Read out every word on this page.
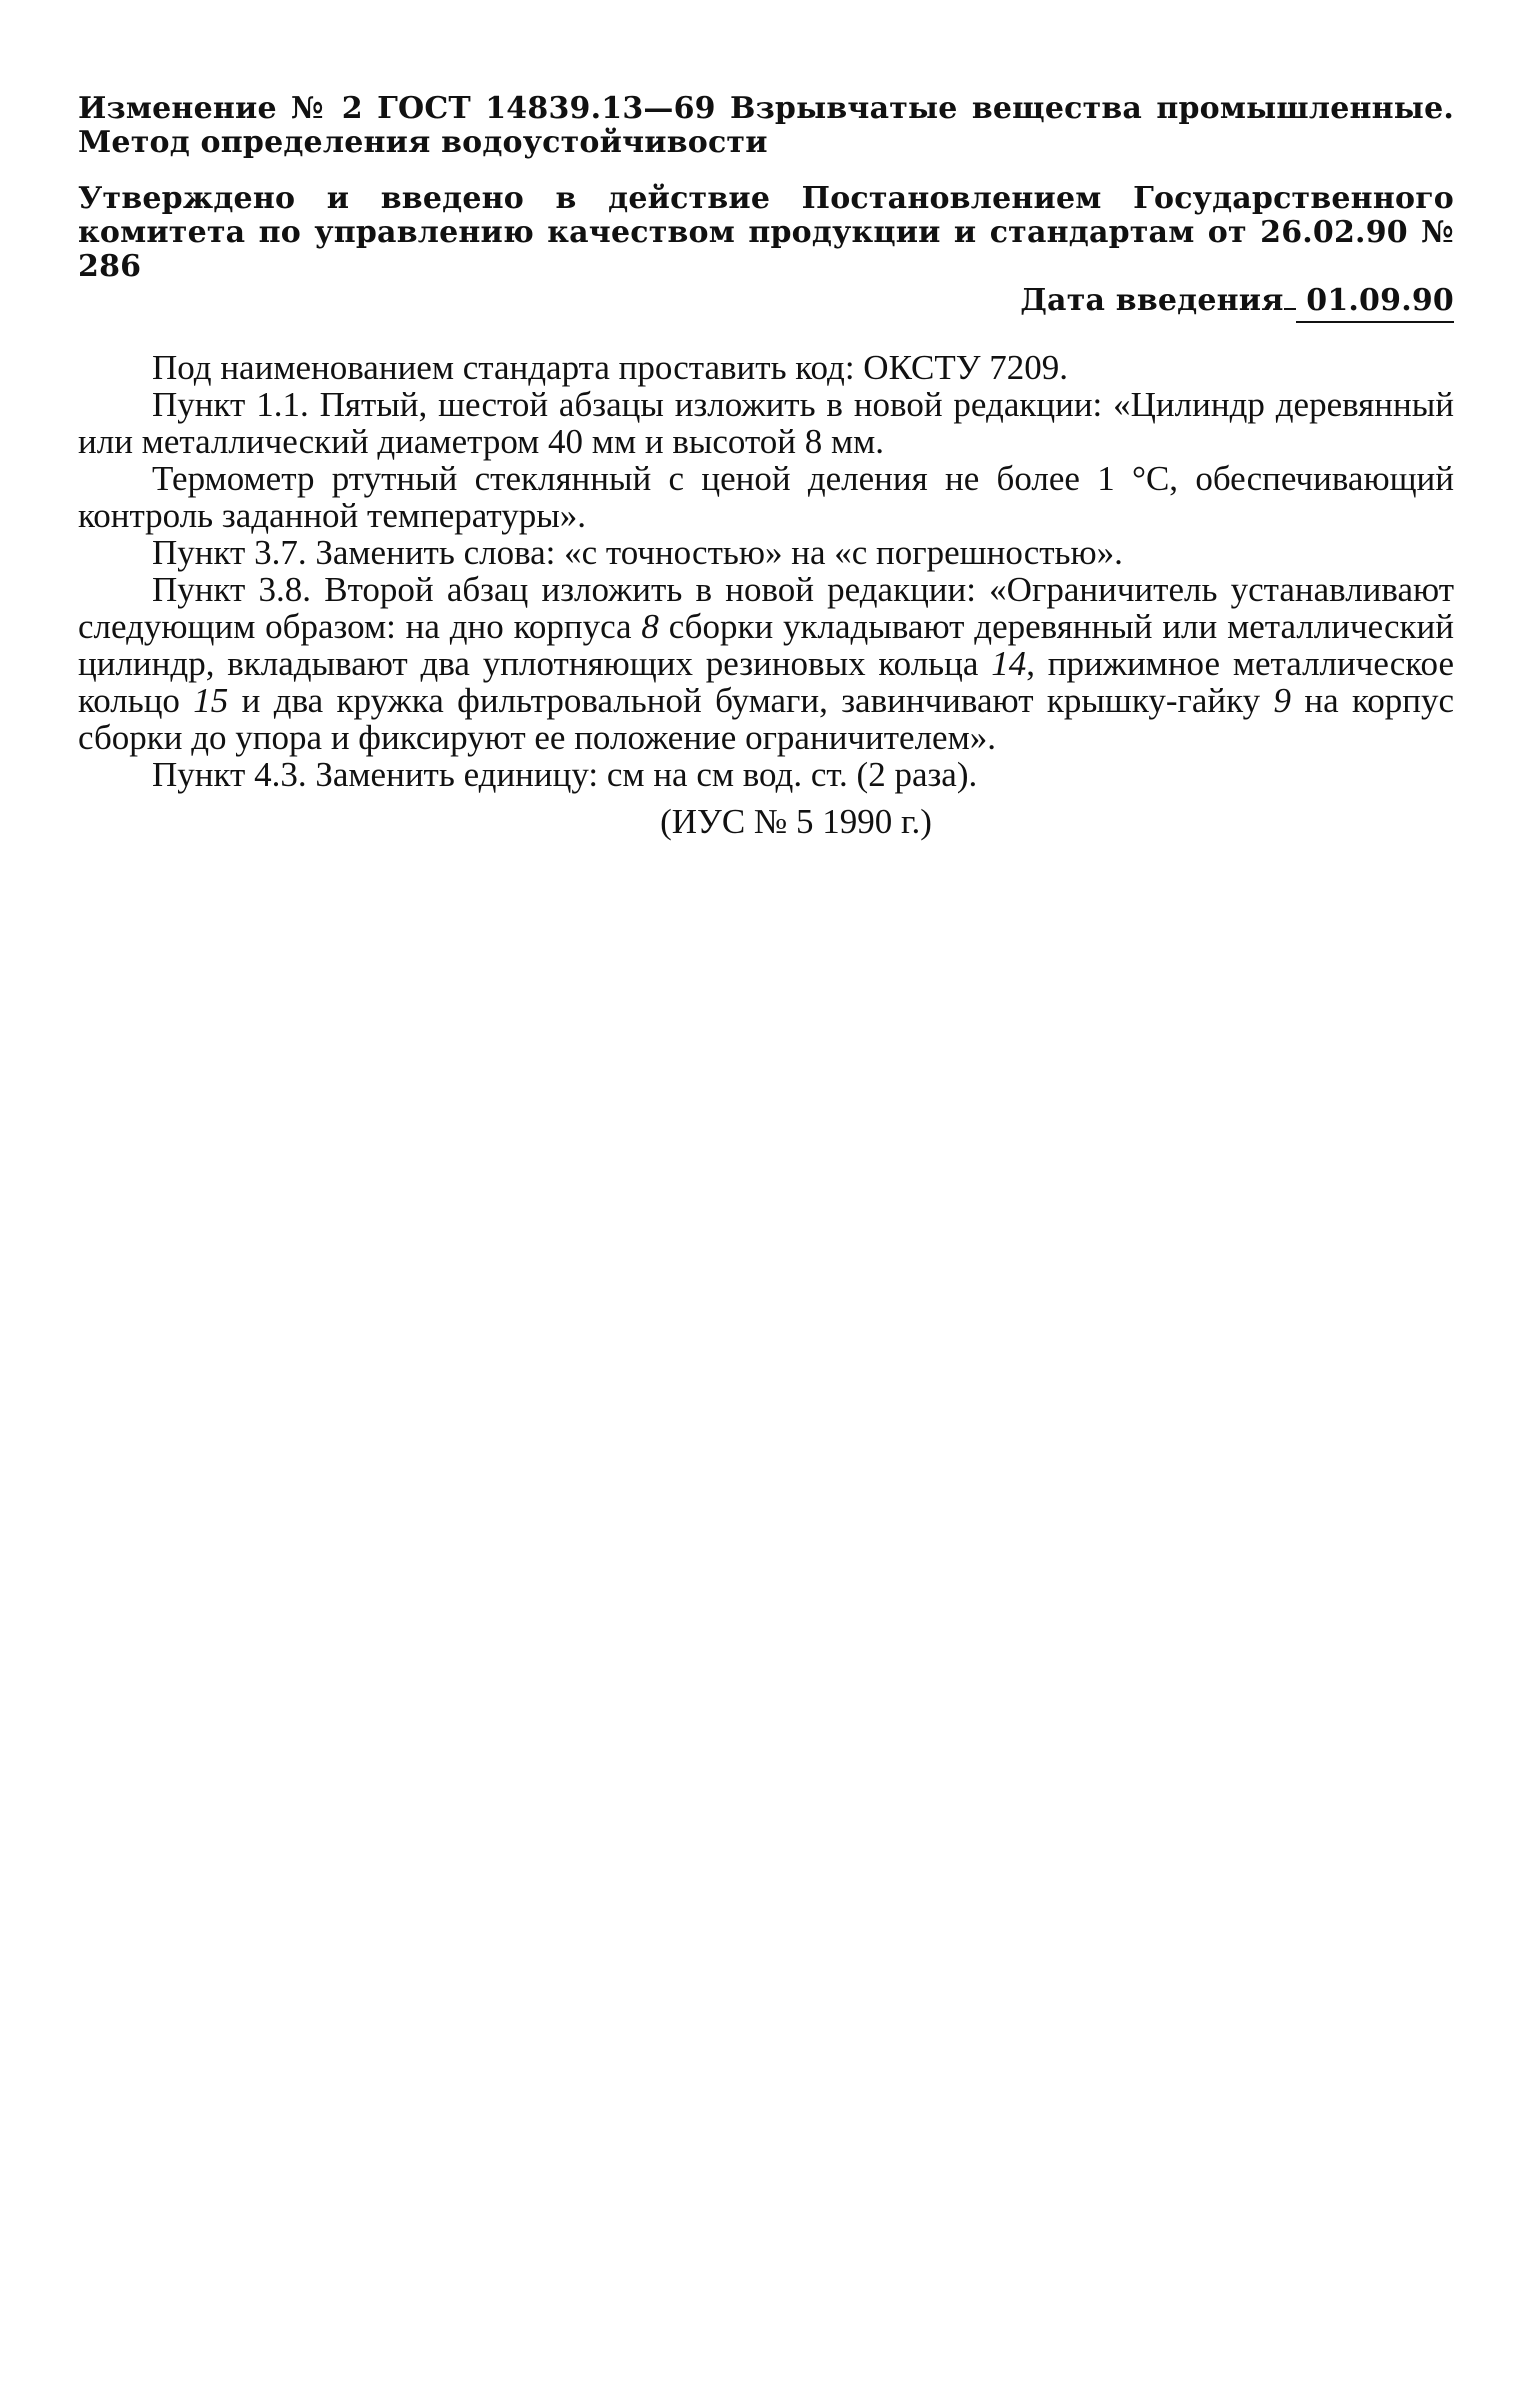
Изменение № 2 ГОСТ 14839.13—69 Взрывчатые вещества промышленные. Метод определения водоустойчивости

Утверждено и введено в действие Постановлением Государственного комитета по управлению качеством продукции и стандартам от 26.02.90 № 286

Дата введения 01.09.90

Под наименованием стандарта проставить код: ОКСТУ 7209.

Пункт 1.1. Пятый, шестой абзацы изложить в новой редакции: «Цилиндр деревянный или металлический диаметром 40 мм и высотой 8 мм.

Термометр ртутный стеклянный с ценой деления не более 1 °С, обеспечивающий контроль заданной температуры».

Пункт 3.7. Заменить слова: «с точностью» на «с погрешностью».

Пункт 3.8. Второй абзац изложить в новой редакции: «Ограничитель устанавливают следующим образом: на дно корпуса 8 сборки укладывают деревянный или металлический цилиндр, вкладывают два уплотняющих резиновых кольца 14, прижимное металлическое кольцо 15 и два кружка фильтровальной бумаги, завинчивают крышку-гайку 9 на корпус сборки до упора и фиксируют ее положение ограничителем».

Пункт 4.3. Заменить единицу: см на см вод. ст. (2 раза).

(ИУС № 5 1990 г.)
